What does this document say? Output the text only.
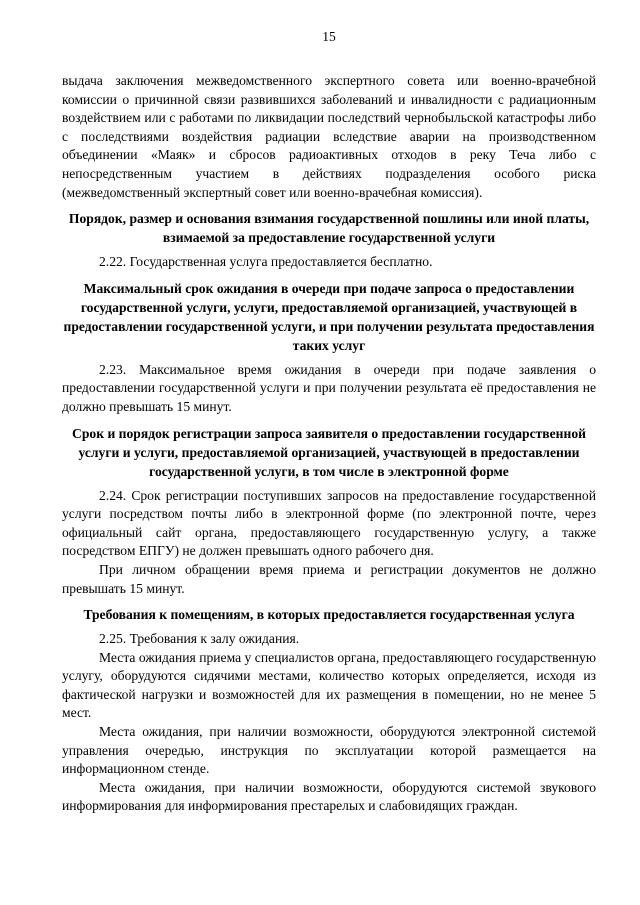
15

выдача заключения межведомственного экспертного совета или военно-врачебной комиссии о причинной связи развившихся заболеваний и инвалидности с радиационным воздействием или с работами по ликвидации последствий чернобыльской катастрофы либо с последствиями воздействия радиации вследствие аварии на производственном объединении «Маяк» и сбросов радиоактивных отходов в реку Теча либо с непосредственным участием в действиях подразделения особого риска (межведомственный экспертный совет или военно-врачебная комиссия).

Порядок, размер и основания взимания государственной пошлины или иной платы, взимаемой за предоставление государственной услуги

2.22. Государственная услуга предоставляется бесплатно.

Максимальный срок ожидания в очереди при подаче запроса о предоставлении государственной услуги, услуги, предоставляемой организацией, участвующей в предоставлении государственной услуги, и при получении результата предоставления таких услуг

2.23. Максимальное время ожидания в очереди при подаче заявления о предоставлении государственной услуги и при получении результата её предоставления не должно превышать 15 минут.

Срок и порядок регистрации запроса заявителя о предоставлении государственной услуги и услуги, предоставляемой организацией, участвующей в предоставлении государственной услуги, в том числе в электронной форме

2.24. Срок регистрации поступивших запросов на предоставление государственной услуги посредством почты либо в электронной форме (по электронной почте, через официальный сайт органа, предоставляющего государственную услугу, а также посредством ЕПГУ) не должен превышать одного рабочего дня.

При личном обращении время приема и регистрации документов не должно превышать 15 минут.

Требования к помещениям, в которых предоставляется государственная услуга

2.25. Требования к залу ожидания.

Места ожидания приема у специалистов органа, предоставляющего государственную услугу, оборудуются сидячими местами, количество которых определяется, исходя из фактической нагрузки и возможностей для их размещения в помещении, но не менее 5 мест.

Места ожидания, при наличии возможности, оборудуются электронной системой управления очередью, инструкция по эксплуатации которой размещается на информационном стенде.

Места ожидания, при наличии возможности, оборудуются системой звукового информирования для информирования престарелых и слабовидящих граждан.
